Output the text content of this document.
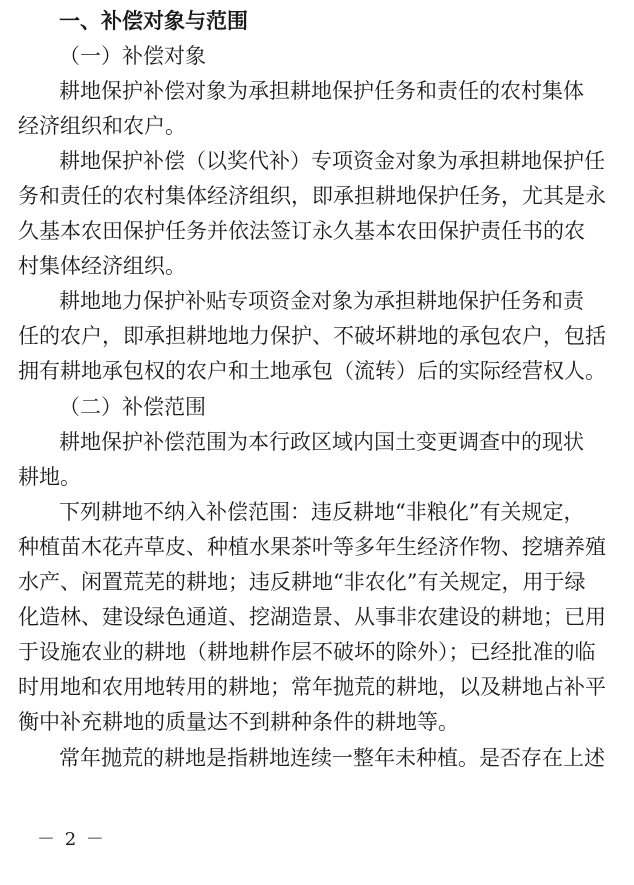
一、补偿对象与范围
（一）补偿对象
耕地保护补偿对象为承担耕地保护任务和责任的农村集体
经济组织和农户。
耕地保护补偿（以奖代补）专项资金对象为承担耕地保护任
务和责任的农村集体经济组织，即承担耕地保护任务，尤其是永
久基本农田保护任务并依法签订永久基本农田保护责任书的农
村集体经济组织。
耕地地力保护补贴专项资金对象为承担耕地保护任务和责
任的农户，即承担耕地地力保护、不破坏耕地的承包农户，包括
拥有耕地承包权的农户和土地承包（流转）后的实际经营权人。
（二）补偿范围
耕地保护补偿范围为本行政区域内国土变更调查中的现状
耕地。
下列耕地不纳入补偿范围：违反耕地“非粮化”有关规定，
种植苗木花卉草皮、种植水果茶叶等多年生经济作物、挖塘养殖
水产、闲置荒芜的耕地；违反耕地“非农化”有关规定，用于绿
化造林、建设绿色通道、挖湖造景、从事非农建设的耕地；已用
于设施农业的耕地（耕地耕作层不破坏的除外）；已经批准的临
时用地和农用地转用的耕地；常年抛荒的耕地，以及耕地占补平
衡中补充耕地的质量达不到耕种条件的耕地等。
常年抛荒的耕地是指耕地连续一整年未种植。是否存在上述
－ 2 －
